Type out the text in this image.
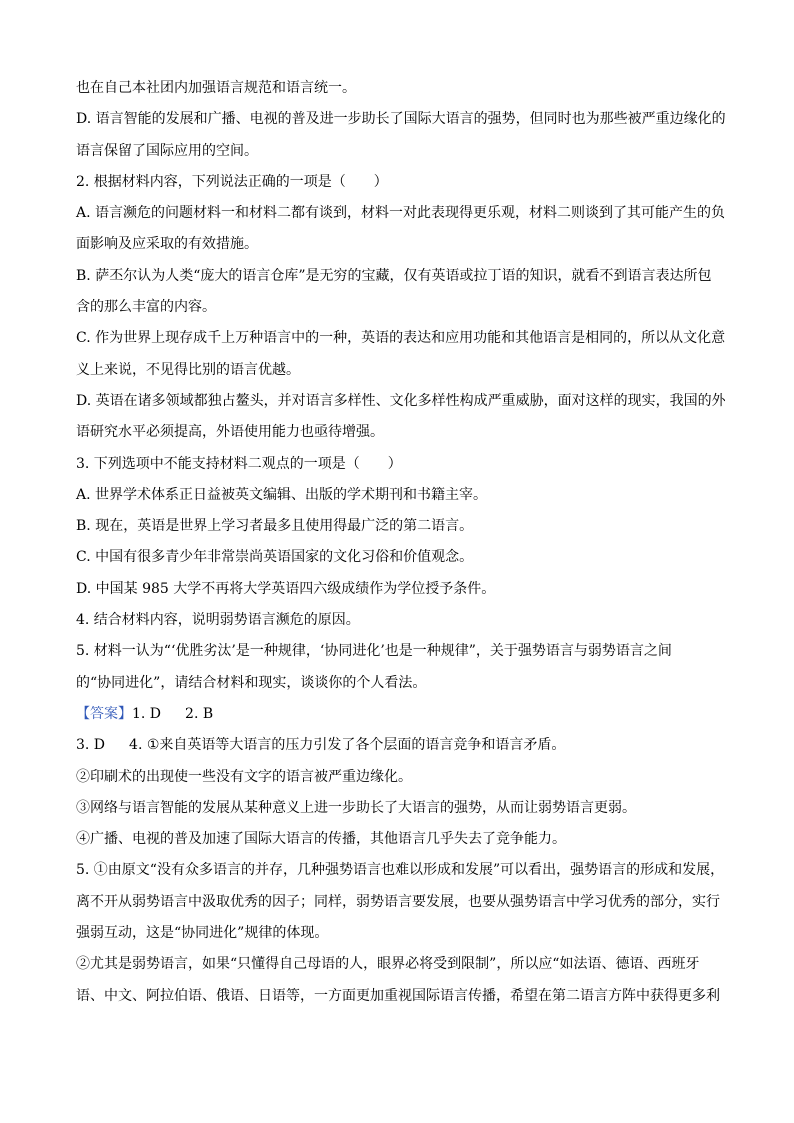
也在自己本社团内加强语言规范和语言统一。
D. 语言智能的发展和广播、电视的普及进一步助长了国际大语言的强势，但同时也为那些被严重边缘化的
语言保留了国际应用的空间。
2. 根据材料内容，下列说法正确的一项是（　　）
A. 语言濒危的问题材料一和材料二都有谈到，材料一对此表现得更乐观，材料二则谈到了其可能产生的负
面影响及应采取的有效措施。
B. 萨丕尔认为人类“庞大的语言仓库”是无穷的宝藏，仅有英语或拉丁语的知识，就看不到语言表达所包
含的那么丰富的内容。
C. 作为世界上现存成千上万种语言中的一种，英语的表达和应用功能和其他语言是相同的，所以从文化意
义上来说，不见得比别的语言优越。
D. 英语在诸多领域都独占鳌头，并对语言多样性、文化多样性构成严重威胁，面对这样的现实，我国的外
语研究水平必须提高，外语使用能力也亟待增强。
3. 下列选项中不能支持材料二观点的一项是（　　）
A. 世界学术体系正日益被英文编辑、出版的学术期刊和书籍主宰。
B. 现在，英语是世界上学习者最多且使用得最广泛的第二语言。
C. 中国有很多青少年非常崇尚英语国家的文化习俗和价值观念。
D. 中国某 985 大学不再将大学英语四六级成绩作为学位授予条件。
4. 结合材料内容，说明弱势语言濒危的原因。
5. 材料一认为“‘优胜劣汰’是一种规律，‘协同进化’也是一种规律”，关于强势语言与弱势语言之间
的“协同进化”，请结合材料和现实，谈谈你的个人看法。
【答案】1. D 2. B
3. D 4. ①来自英语等大语言的压力引发了各个层面的语言竞争和语言矛盾。
②印刷术的出现使一些没有文字的语言被严重边缘化。
③网络与语言智能的发展从某种意义上进一步助长了大语言的强势，从而让弱势语言更弱。
④广播、电视的普及加速了国际大语言的传播，其他语言几乎失去了竞争能力。
5. ①由原文“没有众多语言的并存，几种强势语言也难以形成和发展”可以看出，强势语言的形成和发展，
离不开从弱势语言中汲取优秀的因子；同样，弱势语言要发展，也要从强势语言中学习优秀的部分，实行
强弱互动，这是“协同进化”规律的体现。
②尤其是弱势语言，如果“只懂得自己母语的人，眼界必将受到限制”，所以应“如法语、德语、西班牙
语、中文、阿拉伯语、俄语、日语等，一方面更加重视国际语言传播，希望在第二语言方阵中获得更多利
